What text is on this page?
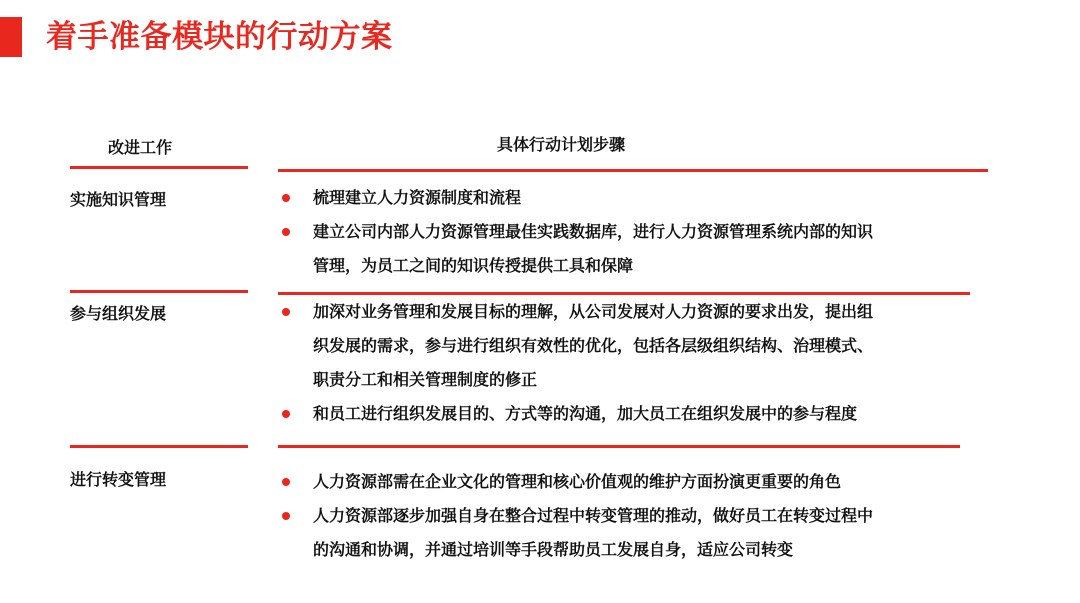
着手准备模块的行动方案
改进工作	具体行动计划步骤
实施知识管理	梳理建立人力资源制度和流程
建立公司内部人力资源管理最佳实践数据库，进行人力资源管理系统内部的知识
管理，为员工之间的知识传授提供工具和保障
参与组织发展	加深对业务管理和发展目标的理解，从公司发展对人力资源的要求出发，提出组
织发展的需求，参与进行组织有效性的优化，包括各层级组织结构、治理模式、
职责分工和相关管理制度的修正
和员工进行组织发展目的、方式等的沟通，加大员工在组织发展中的参与程度
进行转变管理	人力资源部需在企业文化的管理和核心价值观的维护方面扮演更重要的角色
人力资源部逐步加强自身在整合过程中转变管理的推动，做好员工在转变过程中
的沟通和协调，并通过培训等手段帮助员工发展自身，适应公司转变
